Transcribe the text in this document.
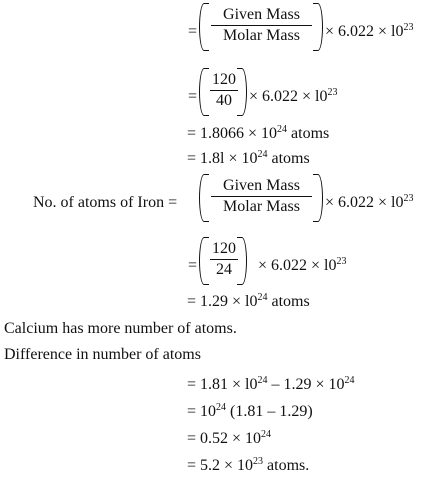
=
Given Mass
Molar Mass	× $6.022 \times l0^{23}$
= $\frac{120}{40} \times 6.022 \times l0^{23}$
= $1.8066 \times 10^{24}$ atoms
= $1.8l \times 10^{24}$ atoms
No. of atoms of Iron =
Given Mass
Molar Mass	× $6.022 \times l0^{23}$
= $\frac{120}{24} \times 6.022 \times l0^{23}$
= $1.29 \times l0^{24}$ atoms
Calcium has more number of atoms.
Difference in number of atoms
= $1.81 \times l0^{24} - 1.29 \times 10^{24}$
= $10^{24}$ (1.81 – 1.29)
= $0.52 \times 10^{24}$
= $5.2 \times 10^{23}$ atoms.
